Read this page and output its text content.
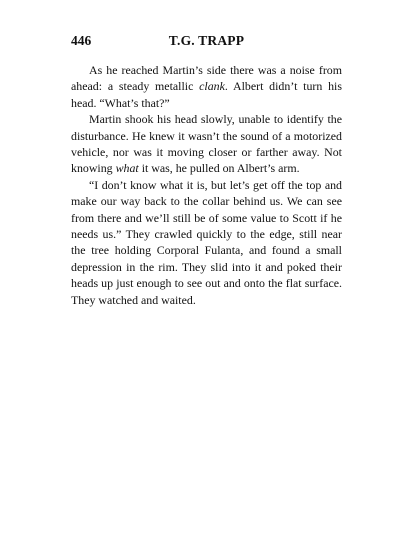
446	T.G. TRAPP

As he reached Martin’s side there was a noise from ahead: a steady metallic clank. Albert didn’t turn his head. “What’s that?”

Martin shook his head slowly, unable to identify the disturbance. He knew it wasn’t the sound of a motorized vehicle, nor was it moving closer or farther away. Not knowing what it was, he pulled on Albert’s arm.

“I don’t know what it is, but let’s get off the top and make our way back to the collar behind us. We can see from there and we’ll still be of some value to Scott if he needs us.” They crawled quickly to the edge, still near the tree holding Corporal Fulanta, and found a small depression in the rim. They slid into it and poked their heads up just enough to see out and onto the flat surface. They watched and waited.
